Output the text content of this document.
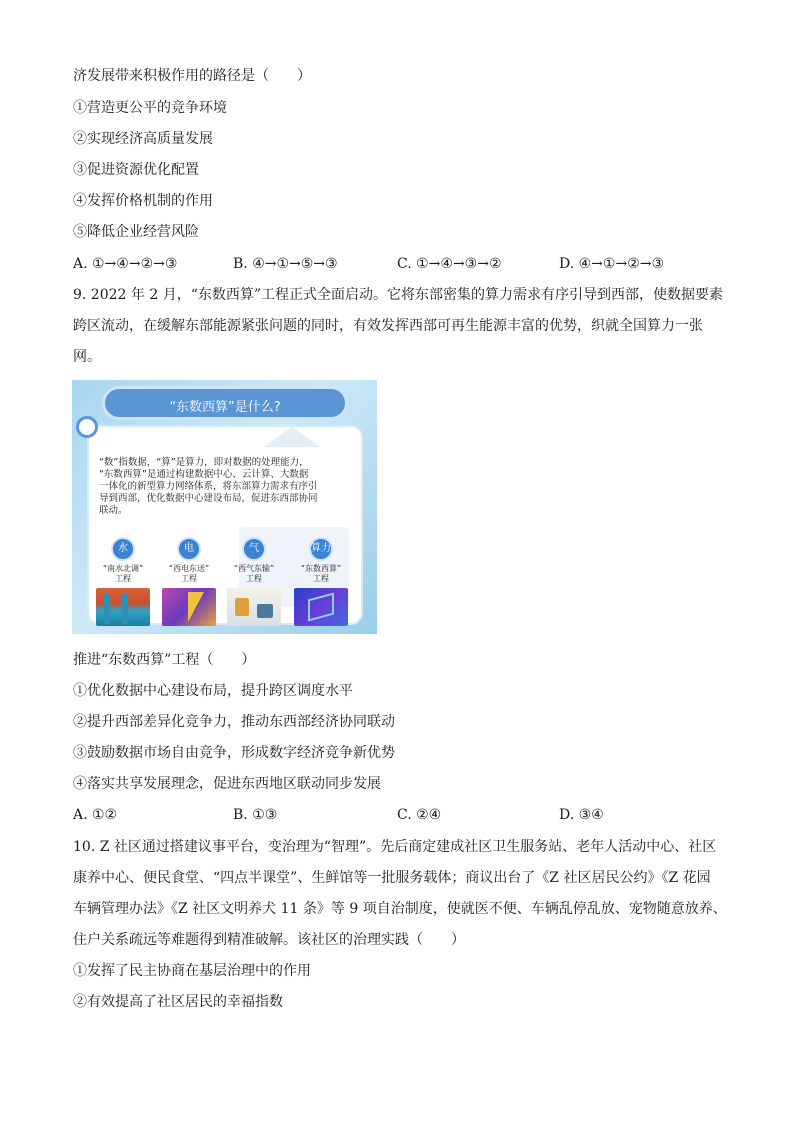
济发展带来积极作用的路径是（　　）
①营造更公平的竞争环境
②实现经济高质量发展
③促进资源优化配置
④发挥价格机制的作用
⑤降低企业经营风险
A. ①→④→②→③	B. ④→①→⑤→③	C. ①→④→③→②	D. ④→①→②→③
9. 2022 年 2 月，“东数西算”工程正式全面启动。它将东部密集的算力需求有序引导到西部，使数据要素
跨区流动，在缓解东部能源紧张问题的同时，有效发挥西部可再生能源丰富的优势，织就全国算力一张
网。
“东数西算”是什么?
“数”指数据，“算”是算力，即对数据的处理能力，
“东数西算”是通过构建数据中心、云计算、大数据
一体化的新型算力网络体系，将东部算力需求有序引
导到西部，优化数据中心建设布局，促进东西部协同
联动。
水
“南水北调”
工程
电
“西电东送”
工程
气
“西气东输”
工程
算力
“东数西算”
工程
推进“东数西算”工程（　　）
①优化数据中心建设布局，提升跨区调度水平
②提升西部差异化竞争力，推动东西部经济协同联动
③鼓励数据市场自由竞争，形成数字经济竞争新优势
④落实共享发展理念，促进东西地区联动同步发展
A. ①②	B. ①③	C. ②④	D. ③④
10. Z 社区通过搭建议事平台，变治理为“智理”。先后商定建成社区卫生服务站、老年人活动中心、社区
康养中心、便民食堂、“四点半课堂”、生鲜馆等一批服务载体；商议出台了《Z 社区居民公约》《Z 花园
车辆管理办法》《Z 社区文明养犬 11 条》等 9 项自治制度，使就医不便、车辆乱停乱放、宠物随意放养、
住户关系疏远等难题得到精准破解。该社区的治理实践（　　）
①发挥了民主协商在基层治理中的作用
②有效提高了社区居民的幸福指数
